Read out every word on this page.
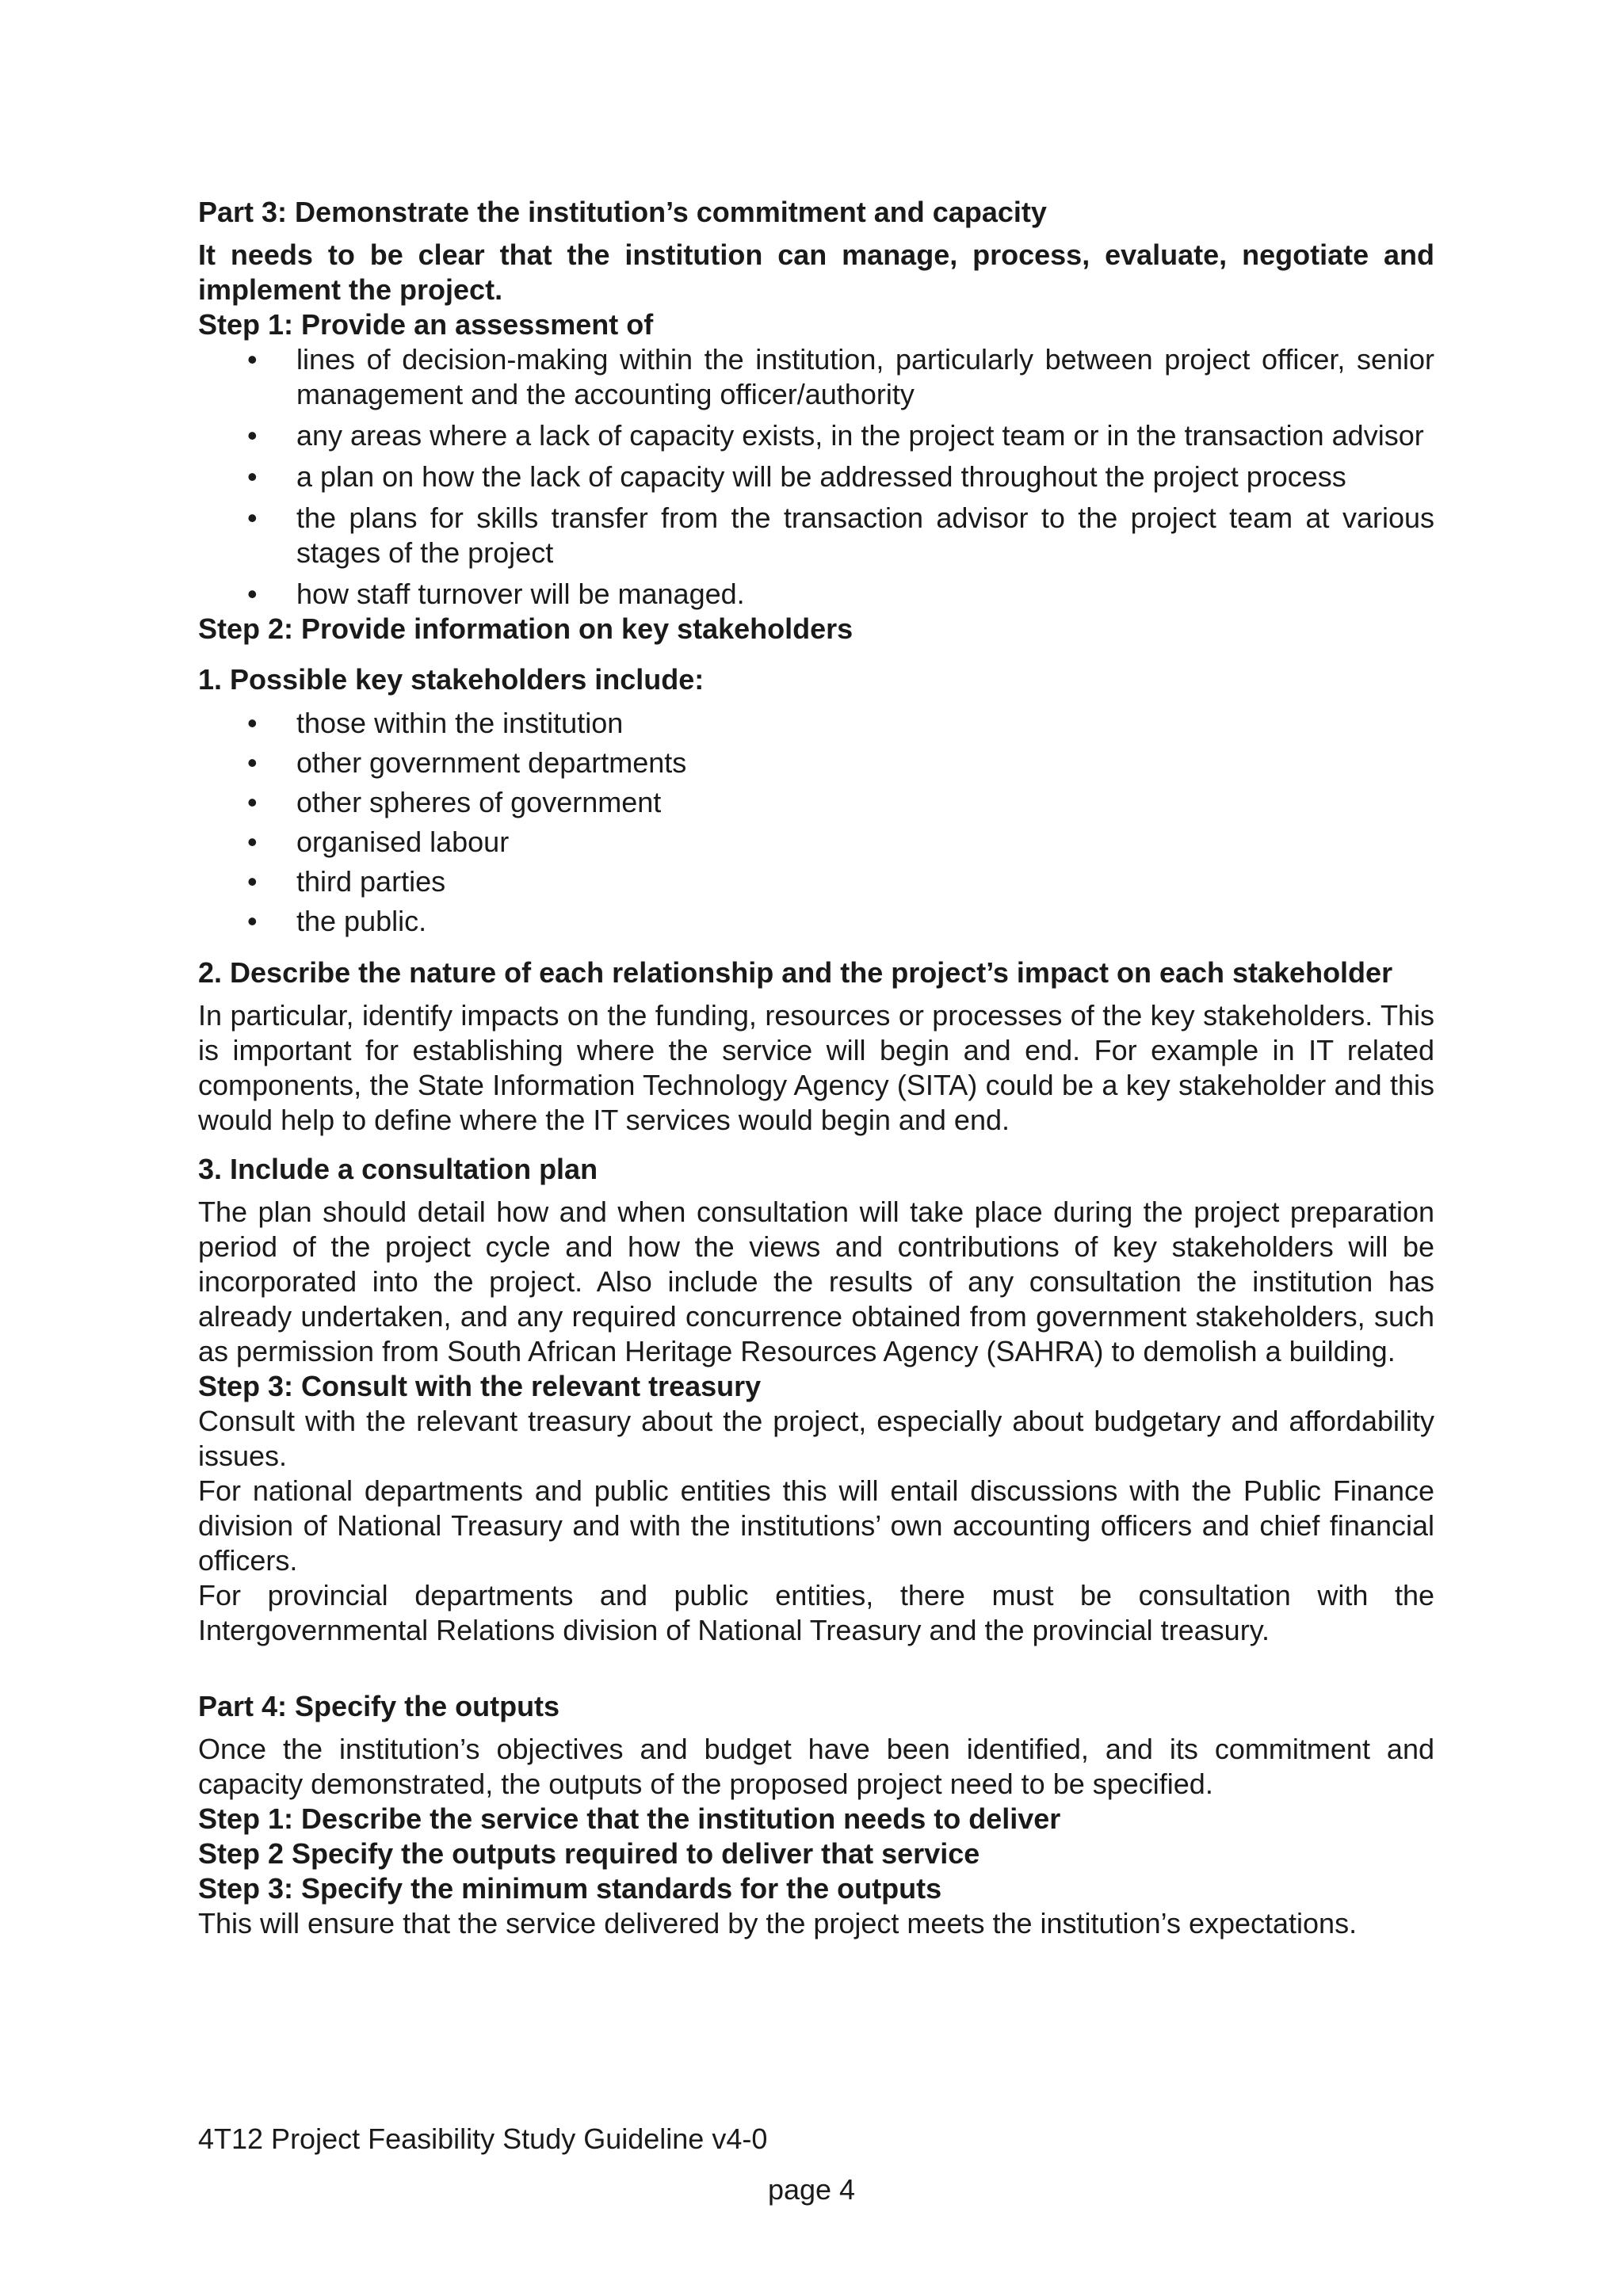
Part 3: Demonstrate the institution’s commitment and capacity

It needs to be clear that the institution can manage, process, evaluate, negotiate and implement the project.

Step 1: Provide an assessment of

• lines of decision-making within the institution, particularly between project officer, senior management and the accounting officer/authority
• any areas where a lack of capacity exists, in the project team or in the transaction advisor
• a plan on how the lack of capacity will be addressed throughout the project process
• the plans for skills transfer from the transaction advisor to the project team at various stages of the project
• how staff turnover will be managed.

Step 2: Provide information on key stakeholders

1. Possible key stakeholders include:

• those within the institution
• other government departments
• other spheres of government
• organised labour
• third parties
• the public.

2. Describe the nature of each relationship and the project’s impact on each stakeholder

In particular, identify impacts on the funding, resources or processes of the key stakeholders. This is important for establishing where the service will begin and end. For example in IT related components, the State Information Technology Agency (SITA) could be a key stakeholder and this would help to define where the IT services would begin and end.

3. Include a consultation plan

The plan should detail how and when consultation will take place during the project preparation period of the project cycle and how the views and contributions of key stakeholders will be incorporated into the project. Also include the results of any consultation the institution has already undertaken, and any required concurrence obtained from government stakeholders, such as permission from South African Heritage Resources Agency (SAHRA) to demolish a building.

Step 3: Consult with the relevant treasury

Consult with the relevant treasury about the project, especially about budgetary and affordability issues.

For national departments and public entities this will entail discussions with the Public Finance division of National Treasury and with the institutions’ own accounting officers and chief financial officers.

For provincial departments and public entities, there must be consultation with the Intergovernmental Relations division of National Treasury and the provincial treasury.

Part 4: Specify the outputs

Once the institution’s objectives and budget have been identified, and its commitment and capacity demonstrated, the outputs of the proposed project need to be specified.

Step 1: Describe the service that the institution needs to deliver

Step 2 Specify the outputs required to deliver that service

Step 3: Specify the minimum standards for the outputs

This will ensure that the service delivered by the project meets the institution’s expectations.

4T12 Project Feasibility Study Guideline v4-0
page 4
